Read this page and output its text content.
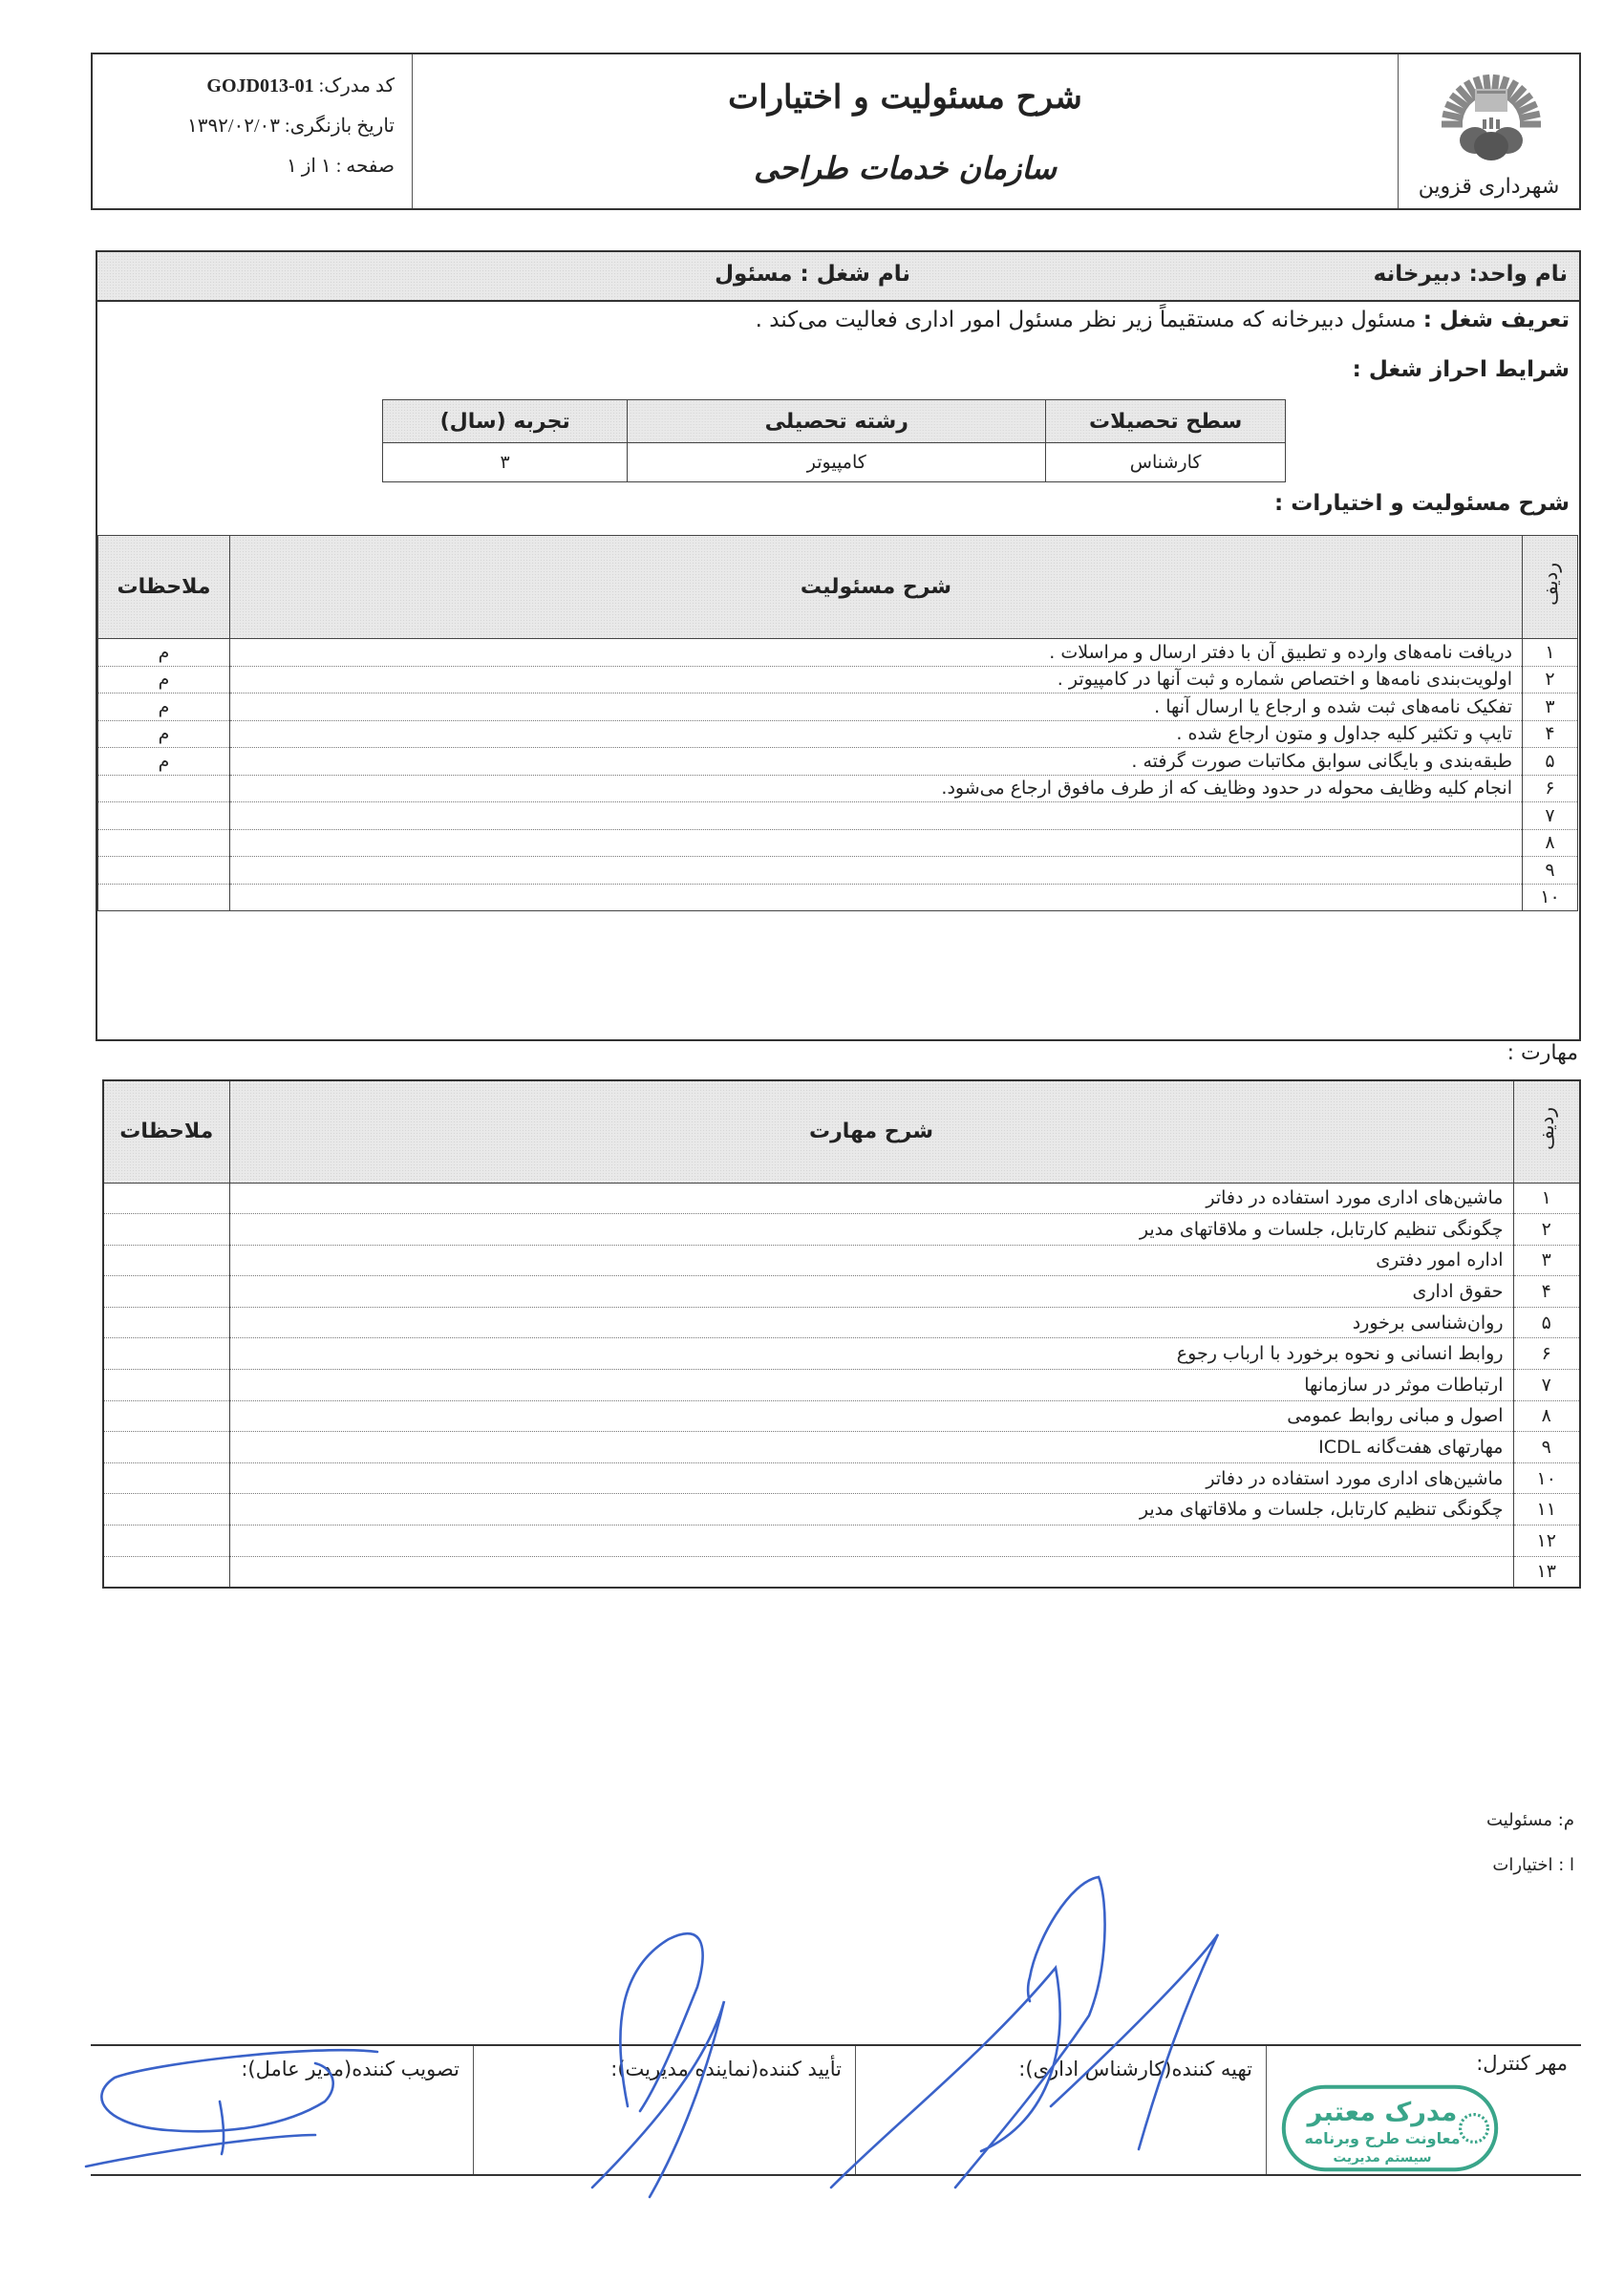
شهرداری قزوین
شرح مسئولیت و اختیارات
سازمان خدمات طراحی
کد مدرک: GOJD013-01
تاریخ بازنگری: ۱۳۹۲/۰۲/۰۳
صفحه : ۱ از ۱
نام واحد: دبیرخانه
نام شغل : مسئول
تعریف شغل : مسئول دبیرخانه که مستقیماً زیر نظر مسئول امور اداری فعالیت می‌کند .
شرایط احراز شغل :
شرح مسئولیت و اختیارات :
سطح تحصیلات	رشته تحصیلی	تجربه (سال)
کارشناس	کامپیوتر	۳
ردیف	شرح مسئولیت	ملاحظات
۱	دریافت نامه‌های وارده و تطبیق آن با دفتر ارسال و مراسلات .	م
۲	اولویت‌بندی نامه‌ها و اختصاص شماره و ثبت آنها در کامپیوتر .	م
۳	تفکیک نامه‌های ثبت شده و ارجاع یا ارسال آنها .	م
۴	تایپ و تکثیر کلیه جداول و متون ارجاع شده .	م
۵	طبقه‌بندی و بایگانی سوابق مکاتبات صورت گرفته .	م
۶	انجام کلیه وظایف محوله در حدود وظایف که از طرف مافوق ارجاع می‌شود.	
۷		
۸		
۹		
۱۰		
مهارت :
ردیف	شرح مهارت	ملاحظات
۱	ماشین‌های اداری مورد استفاده در دفاتر	
۲	چگونگی تنظیم کارتابل، جلسات و ملاقاتهای مدیر	
۳	اداره امور دفتری	
۴	حقوق اداری	
۵	روان‌شناسی برخورد	
۶	روابط انسانی و نحوه برخورد با ارباب رجوع	
۷	ارتباطات موثر در سازمانها	
۸	اصول و مبانی روابط عمومی	
۹	مهارتهای هفت‌گانه ICDL	
۱۰	ماشین‌های اداری مورد استفاده در دفاتر	
۱۱	چگونگی تنظیم کارتابل، جلسات و ملاقاتهای مدیر	
۱۲		
۱۳		
م: مسئولیت
ا : اختیارات
مهر کنترل:
مدرک معتبر
معاونت طرح وبرنامه
سیستم مدیریت
تهیه کننده(کارشناس اداری):
تأیید کننده(نماینده مدیریت):
تصویب کننده(مدیر عامل):
